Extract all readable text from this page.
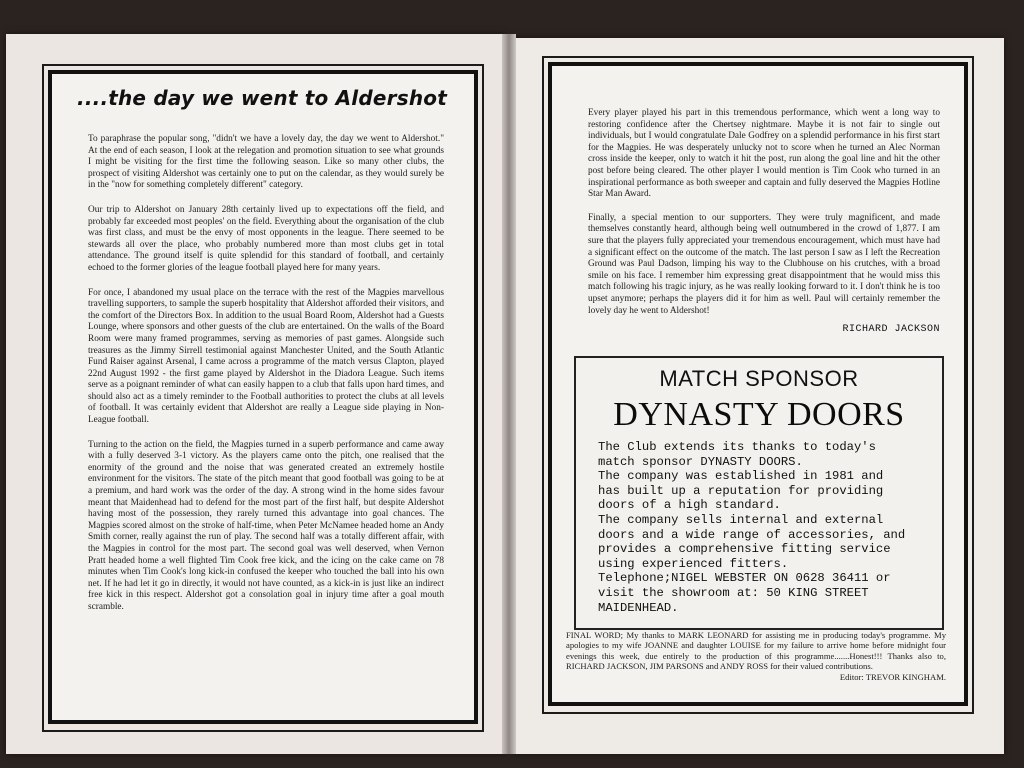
....the day we went to Aldershot

To paraphrase the popular song, "didn't we have a lovely day, the day we went to Aldershot." At the end of each season, I look at the relegation and promotion situation to see what grounds I might be visiting for the first time the following season. Like so many other clubs, the prospect of visiting Aldershot was certainly one to put on the calendar, as they would surely be in the "now for something completely different" category.

Our trip to Aldershot on January 28th certainly lived up to expectations off the field, and probably far exceeded most peoples' on the field. Everything about the organisation of the club was first class, and must be the envy of most opponents in the league. There seemed to be stewards all over the place, who probably numbered more than most clubs get in total attendance. The ground itself is quite splendid for this standard of football, and certainly echoed to the former glories of the league football played here for many years.

For once, I abandoned my usual place on the terrace with the rest of the Magpies marvellous travelling supporters, to sample the superb hospitality that Aldershot afforded their visitors, and the comfort of the Directors Box. In addition to the usual Board Room, Aldershot had a Guests Lounge, where sponsors and other guests of the club are entertained. On the walls of the Board Room were many framed programmes, serving as memories of past games. Alongside such treasures as the Jimmy Sirrell testimonial against Manchester United, and the South Atlantic Fund Raiser against Arsenal, I came across a programme of the match versus Clapton, played 22nd August 1992 - the first game played by Aldershot in the Diadora League. Such items serve as a poignant reminder of what can easily happen to a club that falls upon hard times, and should also act as a timely reminder to the Football authorities to protect the clubs at all levels of football. It was certainly evident that Aldershot are really a League side playing in Non-League football.

Turning to the action on the field, the Magpies turned in a superb performance and came away with a fully deserved 3-1 victory. As the players came onto the pitch, one realised that the enormity of the ground and the noise that was generated created an extremely hostile environment for the visitors. The state of the pitch meant that good football was going to be at a premium, and hard work was the order of the day. A strong wind in the home sides favour meant that Maidenhead had to defend for the most part of the first half, but despite Aldershot having most of the possession, they rarely turned this advantage into goal chances. The Magpies scored almost on the stroke of half-time, when Peter McNamee headed home an Andy Smith corner, really against the run of play. The second half was a totally different affair, with the Magpies in control for the most part. The second goal was well deserved, when Vernon Pratt headed home a well flighted Tim Cook free kick, and the icing on the cake came on 78 minutes when Tim Cook's long kick-in confused the keeper who touched the ball into his own net. If he had let it go in directly, it would not have counted, as a kick-in is just like an indirect free kick in this respect. Aldershot got a consolation goal in injury time after a goal mouth scramble.

Every player played his part in this tremendous performance, which went a long way to restoring confidence after the Chertsey nightmare. Maybe it is not fair to single out individuals, but I would congratulate Dale Godfrey on a splendid performance in his first start for the Magpies. He was desperately unlucky not to score when he turned an Alec Norman cross inside the keeper, only to watch it hit the post, run along the goal line and hit the other post before being cleared. The other player I would mention is Tim Cook who turned in an inspirational performance as both sweeper and captain and fully deserved the Magpies Hotline Star Man Award.

Finally, a special mention to our supporters. They were truly magnificent, and made themselves constantly heard, although being well outnumbered in the crowd of 1,877. I am sure that the players fully appreciated your tremendous encouragement, which must have had a significant effect on the outcome of the match. The last person I saw as I left the Recreation Ground was Paul Dadson, limping his way to the Clubhouse on his crutches, with a broad smile on his face. I remember him expressing great disappointment that he would miss this match following his tragic injury, as he was really looking forward to it. I don't think he is too upset anymore; perhaps the players did it for him as well. Paul will certainly remember the lovely day he went to Aldershot!

RICHARD JACKSON
MATCH SPONSOR
DYNASTY DOORS
The Club extends its thanks to today's
match sponsor DYNASTY DOORS.
The company was established in 1981 and
has built up a reputation for providing
doors of a high standard.
The company sells internal and external
doors and a wide range of accessories, and
provides a comprehensive fitting service
using experienced fitters.
Telephone;NIGEL WEBSTER ON 0628 36411 or
visit the showroom at: 50 KING STREET
MAIDENHEAD.
FINAL WORD; My thanks to MARK LEONARD for assisting me in producing today's programme. My apologies to my wife JOANNE and daughter LOUISE for my failure to arrive home before midnight four evenings this week, due entirely to the production of this programme.......Honest!!! Thanks also to, RICHARD JACKSON, JIM PARSONS and ANDY ROSS for their valued contributions.
Editor: TREVOR KINGHAM.
